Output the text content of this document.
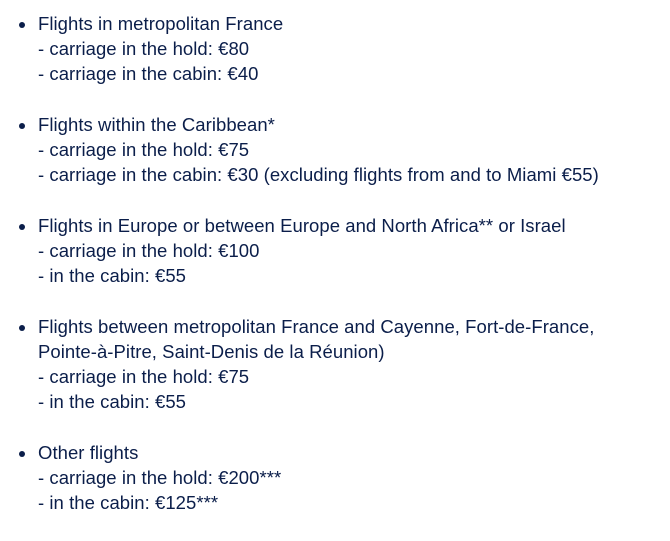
Flights in metropolitan France
- carriage in the hold: €80
- carriage in the cabin: €40
Flights within the Caribbean*
- carriage in the hold: €75
- carriage in the cabin: €30 (excluding flights from and to Miami €55)
Flights in Europe or between Europe and North Africa** or Israel
- carriage in the hold: €100
- in the cabin: €55
Flights between metropolitan France and Cayenne, Fort-de-France,
Pointe-à-Pitre, Saint-Denis de la Réunion)
- carriage in the hold: €75
- in the cabin: €55
Other flights
- carriage in the hold: €200***
- in the cabin: €125***
